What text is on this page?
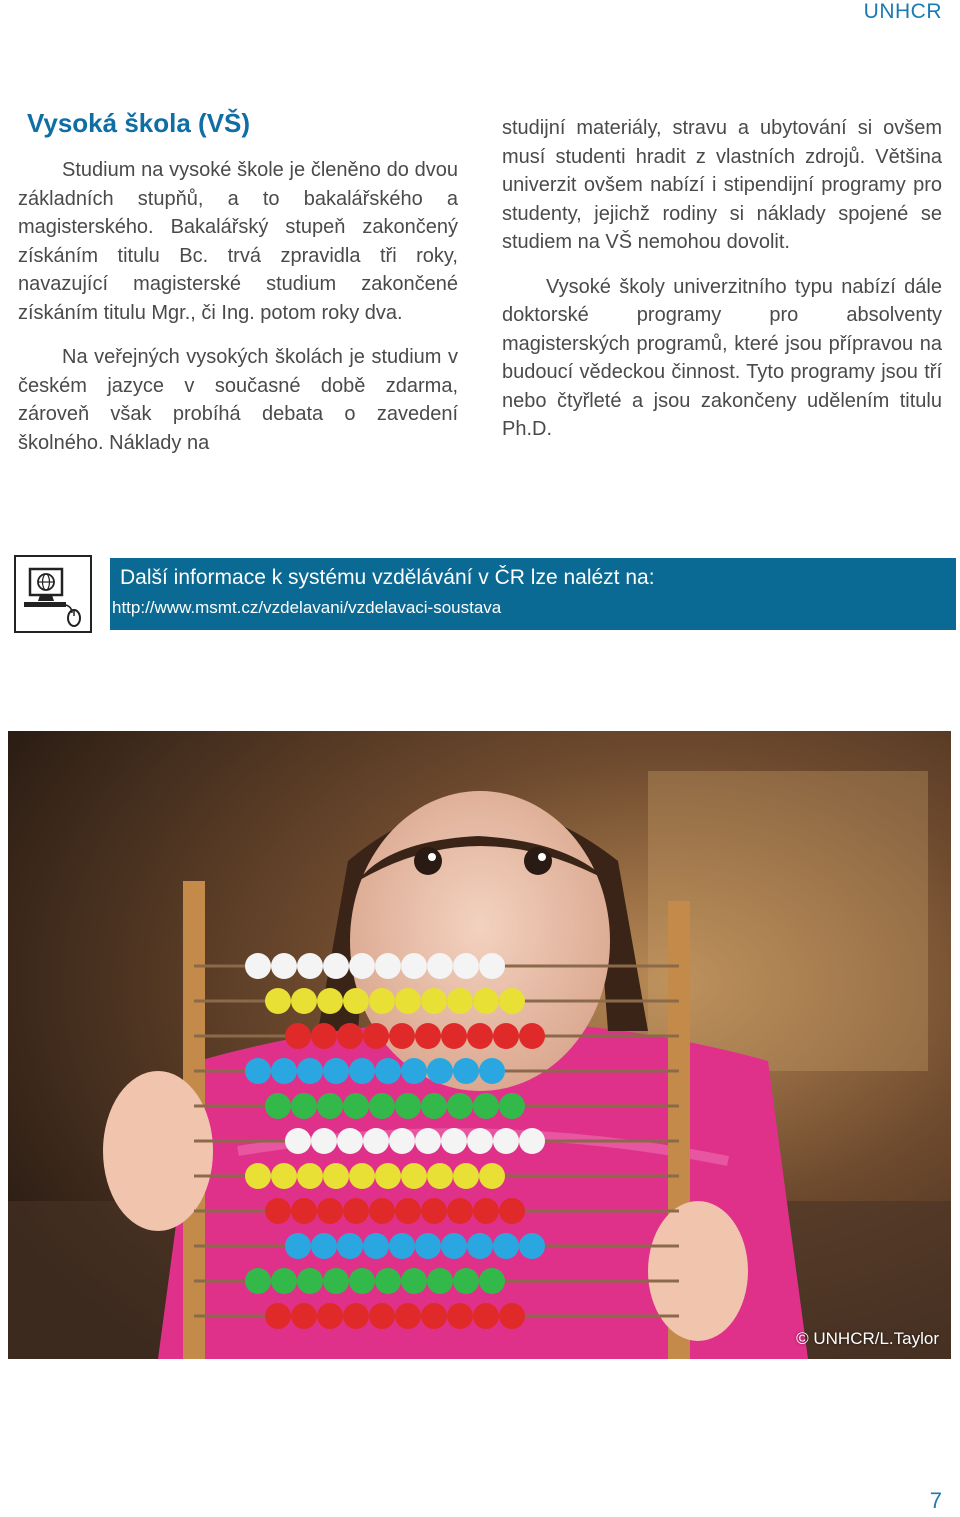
UNHCR
Vysoká škola (VŠ)

Studium na vysoké škole je členěno do dvou základních stupňů, a to bakalářského a magisterského. Bakalářský stupeň zakončený získáním titulu Bc. trvá zpravidla tři roky, navazující magisterské studium zakončené získáním titulu Mgr., či Ing. potom roky dva.

Na veřejných vysokých školách je studium v českém jazyce v současné době zdarma, zároveň však probíhá debata o zavedení školného. Náklady na

studijní materiály, stravu a ubytování si ovšem musí studenti hradit z vlastních zdrojů. Většina univerzit ovšem nabízí i stipendijní programy pro studenty, jejichž rodiny si náklady spojené se studiem na VŠ nemohou dovolit.

Vysoké školy univerzitního typu nabízí dále doktorské programy pro absolventy magisterských programů, které jsou přípravou na budoucí vědeckou činnost. Tyto programy jsou tří nebo čtyřleté a jsou zakončeny udělením titulu Ph.D.

Další informace k systému vzdělávání v ČR lze nalézt na:
http://www.msmt.cz/vzdelavani/vzdelavaci-soustava
© UNHCR/L.Taylor
7
